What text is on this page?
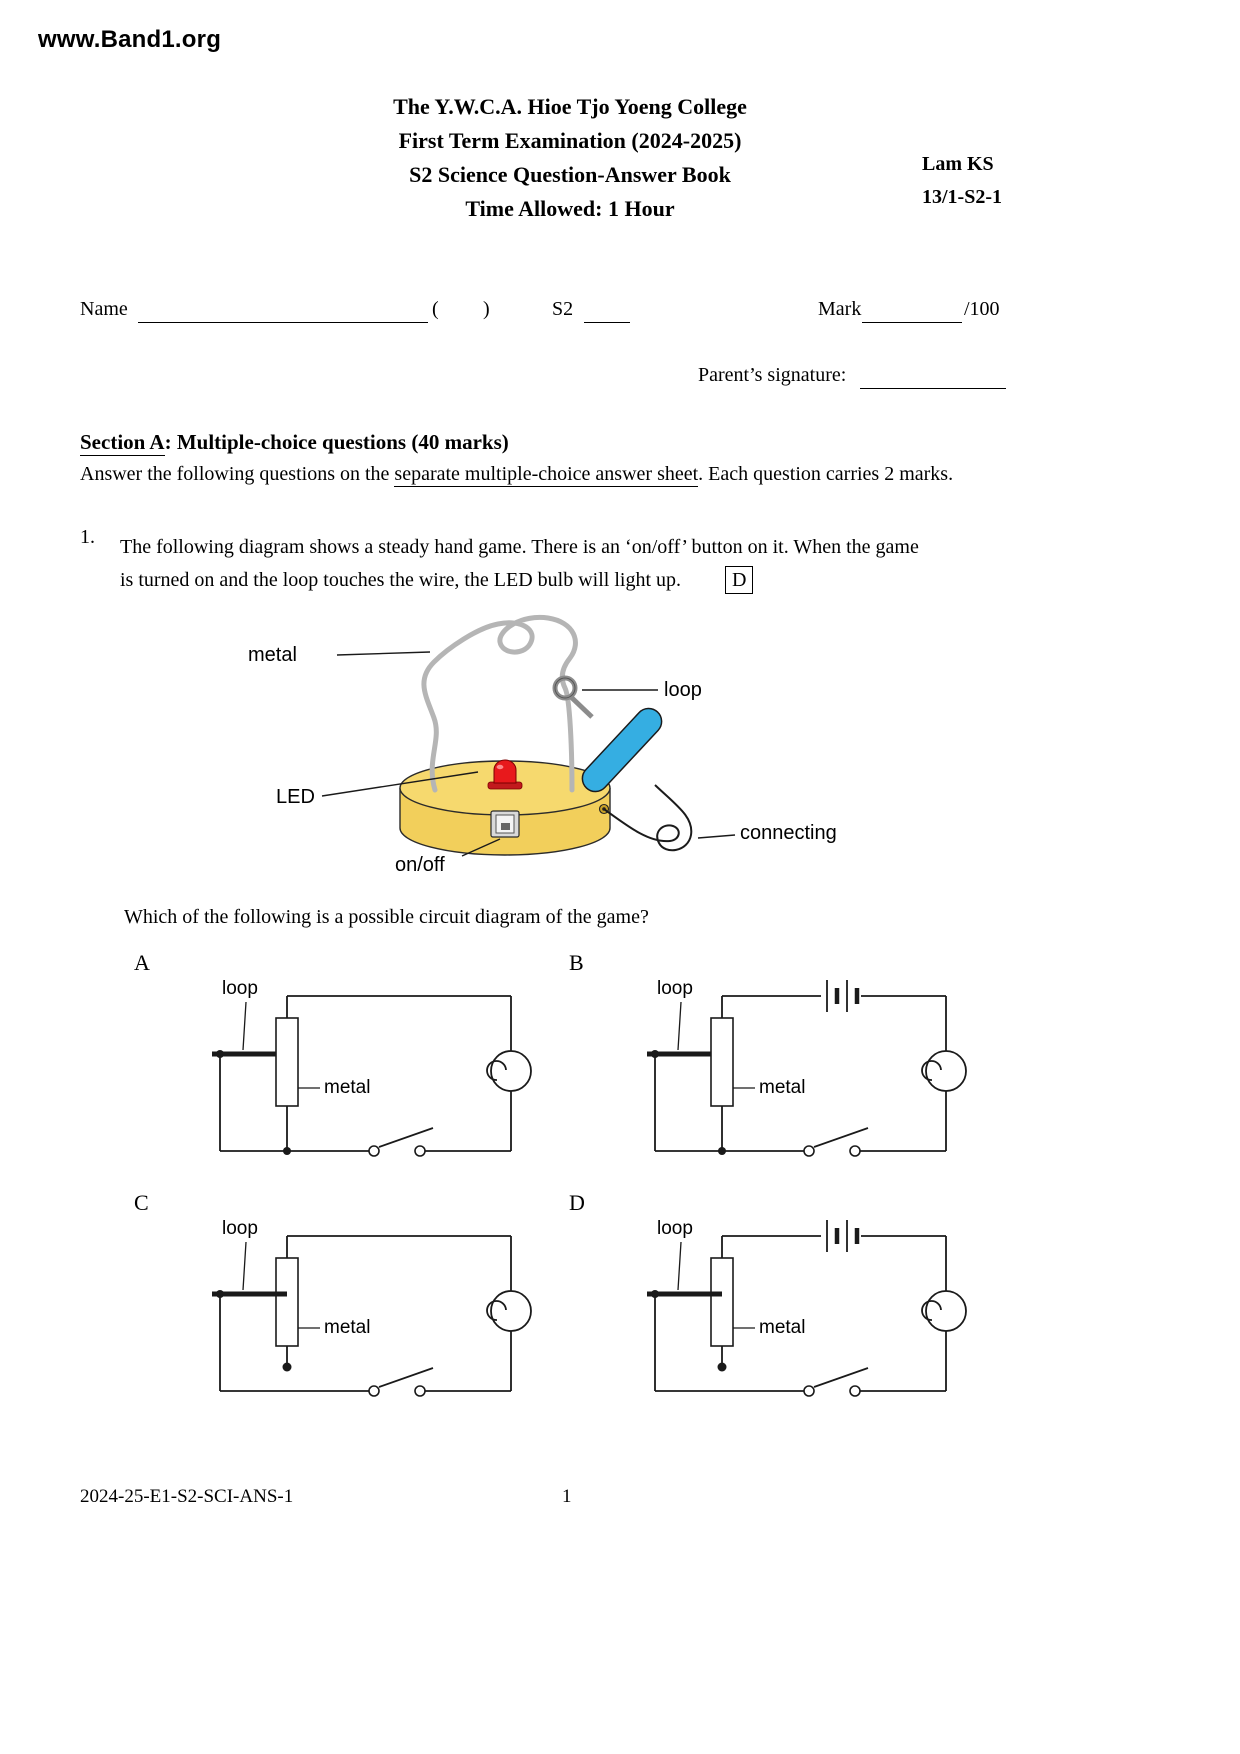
www.Band1.org
The Y.W.C.A. Hioe Tjo Yoeng College
First Term Examination (2024-2025)
S2 Science Question-Answer Book
Time Allowed: 1 Hour
Lam KS
13/1-S2-1
Name	( )	S2	Mark	/100
Parent’s signature:
Section A: Multiple-choice questions (40 marks)
Answer the following questions on the separate multiple-choice answer sheet. Each question carries 2 marks.
1. The following diagram shows a steady hand game. There is an ‘on/off’ button on it. When the game
is turned on and the loop touches the wire, the LED bulb will light up.	D
metal
loop
LED
on/off
connecting
Which of the following is a possible circuit diagram of the game?
A
loop
metal
B
loop
metal
C
loop
metal
D
loop
metal
2024-25-E1-S2-SCI-ANS-1	1
